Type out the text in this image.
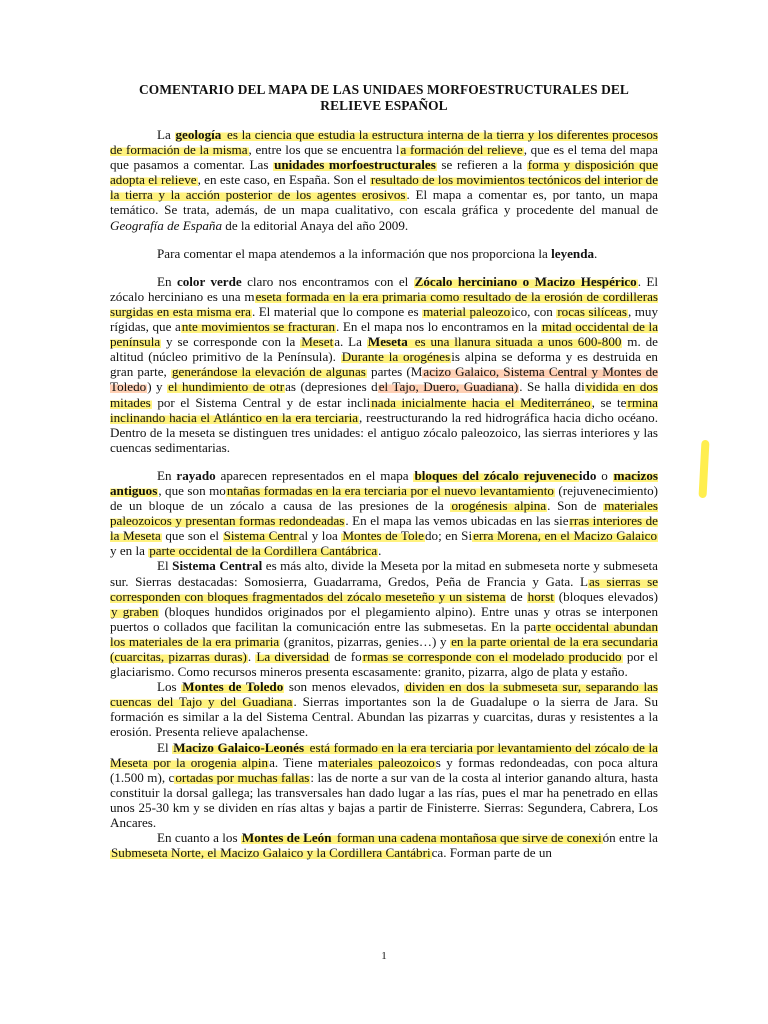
COMENTARIO DEL MAPA DE LAS UNIDAES MORFOESTRUCTURALES DEL RELIEVE ESPAÑOL

La geología es la ciencia que estudia la estructura interna de la tierra y los diferentes procesos de formación de la misma, entre los que se encuentra la formación del relieve, que es el tema del mapa que pasamos a comentar. Las unidades morfoestructurales se refieren a la forma y disposición que adopta el relieve, en este caso, en España. Son el resultado de los movimientos tectónicos del interior de la tierra y la acción posterior de los agentes erosivos. El mapa a comentar es, por tanto, un mapa temático. Se trata, además, de un mapa cualitativo, con escala gráfica y procedente del manual de Geografía de España de la editorial Anaya del año 2009.

Para comentar el mapa atendemos a la información que nos proporciona la leyenda.

En color verde claro nos encontramos con el Zócalo herciniano o Macizo Hespérico. El zócalo herciniano es una meseta formada en la era primaria como resultado de la erosión de cordilleras surgidas en esta misma era. El material que lo compone es material paleozoico, con rocas silíceas, muy rígidas, que ante movimientos se fracturan. En el mapa nos lo encontramos en la mitad occidental de la península y se corresponde con la Meseta. La Meseta es una llanura situada a unos 600-800 m. de altitud (núcleo primitivo de la Península). Durante la orogénesis alpina se deforma y es destruida en gran parte, generándose la elevación de algunas partes (Macizo Galaico, Sistema Central y Montes de Toledo) y el hundimiento de otras (depresiones del Tajo, Duero, Guadiana). Se halla dividida en dos mitades por el Sistema Central y de estar inclinada inicialmente hacia el Mediterráneo, se termina inclinando hacia el Atlántico en la era terciaria, reestructurando la red hidrográfica hacia dicho océano. Dentro de la meseta se distinguen tres unidades: el antiguo zócalo paleozoico, las sierras interiores y las cuencas sedimentarias.

En rayado aparecen representados en el mapa bloques del zócalo rejuvenecido o macizos antiguos, que son montañas formadas en la era terciaria por el nuevo levantamiento (rejuvenecimiento) de un bloque de un zócalo a causa de las presiones de la orogénesis alpina. Son de materiales paleozoicos y presentan formas redondeadas. En el mapa las vemos ubicadas en las sierras interiores de la Meseta que son el Sistema Central y loa Montes de Toledo; en Sierra Morena, en el Macizo Galaico y en la parte occidental de la Cordillera Cantábrica.

El Sistema Central es más alto, divide la Meseta por la mitad en submeseta norte y submeseta sur. Sierras destacadas: Somosierra, Guadarrama, Gredos, Peña de Francia y Gata. Las sierras se corresponden con bloques fragmentados del zócalo meseteño y un sistema de horst (bloques elevados) y graben (bloques hundidos originados por el plegamiento alpino). Entre unas y otras se interponen puertos o collados que facilitan la comunicación entre las submesetas. En la parte occidental abundan los materiales de la era primaria (granitos, pizarras, genies…) y en la parte oriental de la era secundaria (cuarcitas, pizarras duras). La diversidad de formas se corresponde con el modelado producido por el glaciarismo. Como recursos mineros presenta escasamente: granito, pizarra, algo de plata y estaño.

Los Montes de Toledo son menos elevados, dividen en dos la submeseta sur, separando las cuencas del Tajo y del Guadiana. Sierras importantes son la de Guadalupe o la sierra de Jara. Su formación es similar a la del Sistema Central. Abundan las pizarras y cuarcitas, duras y resistentes a la erosión. Presenta relieve apalachense.

El Macizo Galaico-Leonés está formado en la era terciaria por levantamiento del zócalo de la Meseta por la orogenia alpina. Tiene materiales paleozoicos y formas redondeadas, con poca altura (1.500 m), cortadas por muchas fallas: las de norte a sur van de la costa al interior ganando altura, hasta constituir la dorsal gallega; las transversales han dado lugar a las rías, pues el mar ha penetrado en ellas unos 25-30 km y se dividen en rías altas y bajas a partir de Finisterre. Sierras: Segundera, Cabrera, Los Ancares.

En cuanto a los Montes de León forman una cadena montañosa que sirve de conexión entre la Submeseta Norte, el Macizo Galaico y la Cordillera Cantábrica. Forman parte de un

1
